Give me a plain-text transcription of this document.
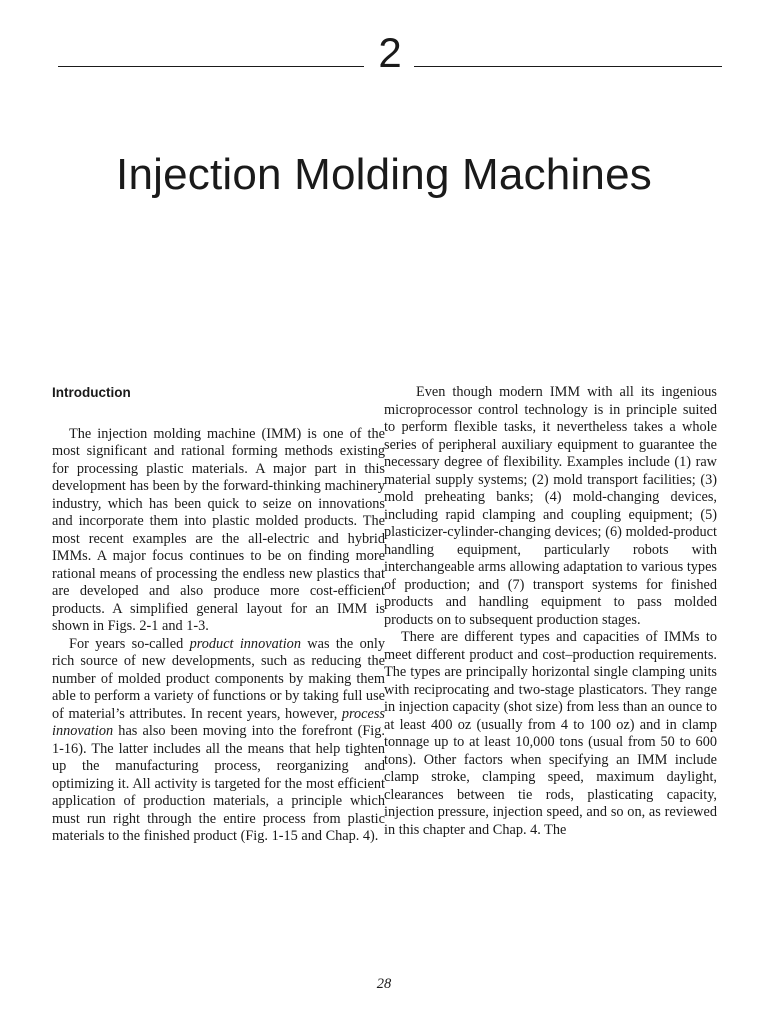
2
Injection Molding Machines
Introduction

The injection molding machine (IMM) is one of the most significant and rational forming methods existing for processing plastic materials. A major part in this development has been by the forward-thinking machinery industry, which has been quick to seize on innovations and incorporate them into plastic molded products. The most recent examples are the all-electric and hybrid IMMs. A major focus continues to be on finding more rational means of processing the endless new plastics that are developed and also produce more cost-efficient products. A simplified general layout for an IMM is shown in Figs. 2-1 and 1-3.

For years so-called product innovation was the only rich source of new developments, such as reducing the number of molded product components by making them able to perform a variety of functions or by taking full use of material’s attributes. In recent years, however, process innovation has also been moving into the forefront (Fig. 1-16). The latter includes all the means that help tighten up the manufacturing process, reorganizing and optimizing it. All activity is targeted for the most efficient application of production materials, a principle which must run right through the entire process from plastic materials to the finished product (Fig. 1-15 and Chap. 4).

Even though modern IMM with all its ingenious microprocessor control technology is in principle suited to perform flexible tasks, it nevertheless takes a whole series of peripheral auxiliary equipment to guarantee the necessary degree of flexibility. Examples include (1) raw material supply systems; (2) mold transport facilities; (3) mold preheating banks; (4) mold-changing devices, including rapid clamping and coupling equipment; (5) plasticizer-cylinder-changing devices; (6) molded-product handling equipment, particularly robots with interchangeable arms allowing adaptation to various types of production; and (7) transport systems for finished products and handling equipment to pass molded products on to subsequent production stages.

There are different types and capacities of IMMs to meet different product and cost–production requirements. The types are principally horizontal single clamping units with reciprocating and two-stage plasticators. They range in injection capacity (shot size) from less than an ounce to at least 400 oz (usually from 4 to 100 oz) and in clamp tonnage up to at least 10,000 tons (usual from 50 to 600 tons). Other factors when specifying an IMM include clamp stroke, clamping speed, maximum daylight, clearances between tie rods, plasticating capacity, injection pressure, injection speed, and so on, as reviewed in this chapter and Chap. 4. The

28
